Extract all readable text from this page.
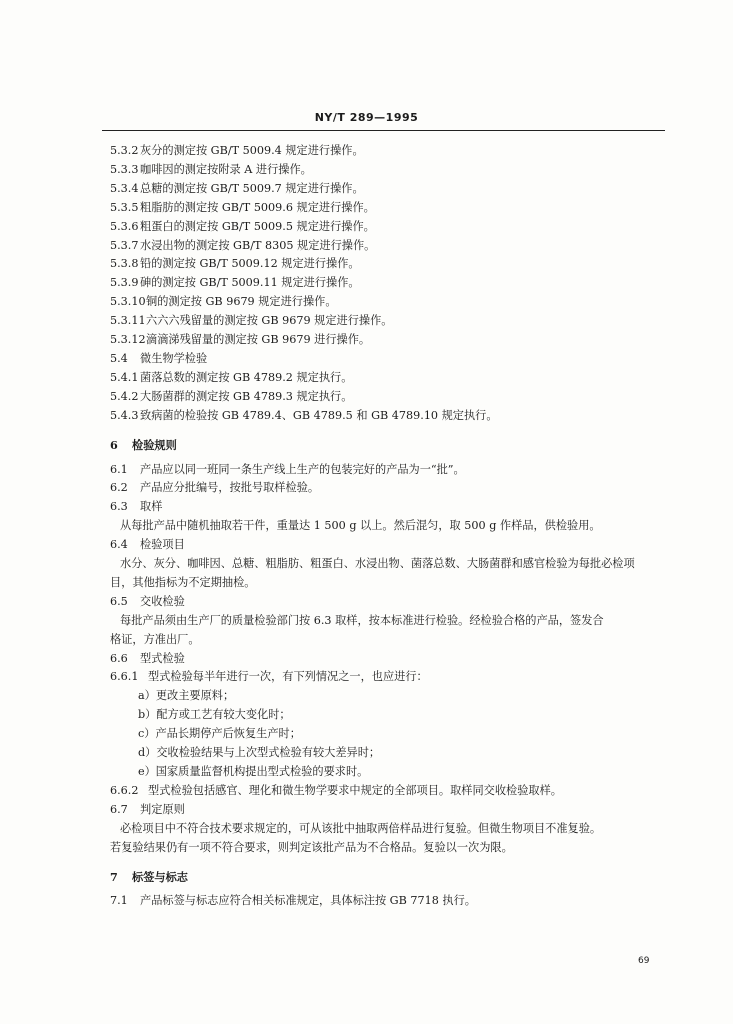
NY/T 289—1995
5.3.2 灰分的测定按 GB/T 5009.4 规定进行操作。
5.3.3 咖啡因的测定按附录 A 进行操作。
5.3.4 总糖的测定按 GB/T 5009.7 规定进行操作。
5.3.5 粗脂肪的测定按 GB/T 5009.6 规定进行操作。
5.3.6 粗蛋白的测定按 GB/T 5009.5 规定进行操作。
5.3.7 水浸出物的测定按 GB/T 8305 规定进行操作。
5.3.8 铅的测定按 GB/T 5009.12 规定进行操作。
5.3.9 砷的测定按 GB/T 5009.11 规定进行操作。
5.3.10铜的测定按 GB 9679 规定进行操作。
5.3.11六六六残留量的测定按 GB 9679 规定进行操作。
5.3.12滴滴涕残留量的测定按 GB 9679 进行操作。
5.4 微生物学检验
5.4.1 菌落总数的测定按 GB 4789.2 规定执行。
5.4.2 大肠菌群的测定按 GB 4789.3 规定执行。
5.4.3 致病菌的检验按 GB 4789.4、GB 4789.5 和 GB 4789.10 规定执行。
6 检验规则
6.1 产品应以同一班同一条生产线上生产的包装完好的产品为一“批”。
6.2 产品应分批编号，按批号取样检验。
6.3 取样
从每批产品中随机抽取若干件，重量达 1 500 g 以上。然后混匀，取 500 g 作样品，供检验用。
6.4 检验项目
水分、灰分、咖啡因、总糖、粗脂肪、粗蛋白、水浸出物、菌落总数、大肠菌群和感官检验为每批必检项
目，其他指标为不定期抽检。
6.5 交收检验
每批产品须由生产厂的质量检验部门按 6.3 取样，按本标准进行检验。经检验合格的产品，签发合
格证，方准出厂。
6.6 型式检验
6.6.1 型式检验每半年进行一次，有下列情况之一，也应进行：
a）更改主要原料；
b）配方或工艺有较大变化时；
c）产品长期停产后恢复生产时；
d）交收检验结果与上次型式检验有较大差异时；
e）国家质量监督机构提出型式检验的要求时。
6.6.2 型式检验包括感官、理化和微生物学要求中规定的全部项目。取样同交收检验取样。
6.7 判定原则
必检项目中不符合技术要求规定的，可从该批中抽取两倍样品进行复验。但微生物项目不准复验。
若复验结果仍有一项不符合要求，则判定该批产品为不合格品。复验以一次为限。
7 标签与标志
7.1 产品标签与标志应符合相关标准规定，具体标注按 GB 7718 执行。
69
